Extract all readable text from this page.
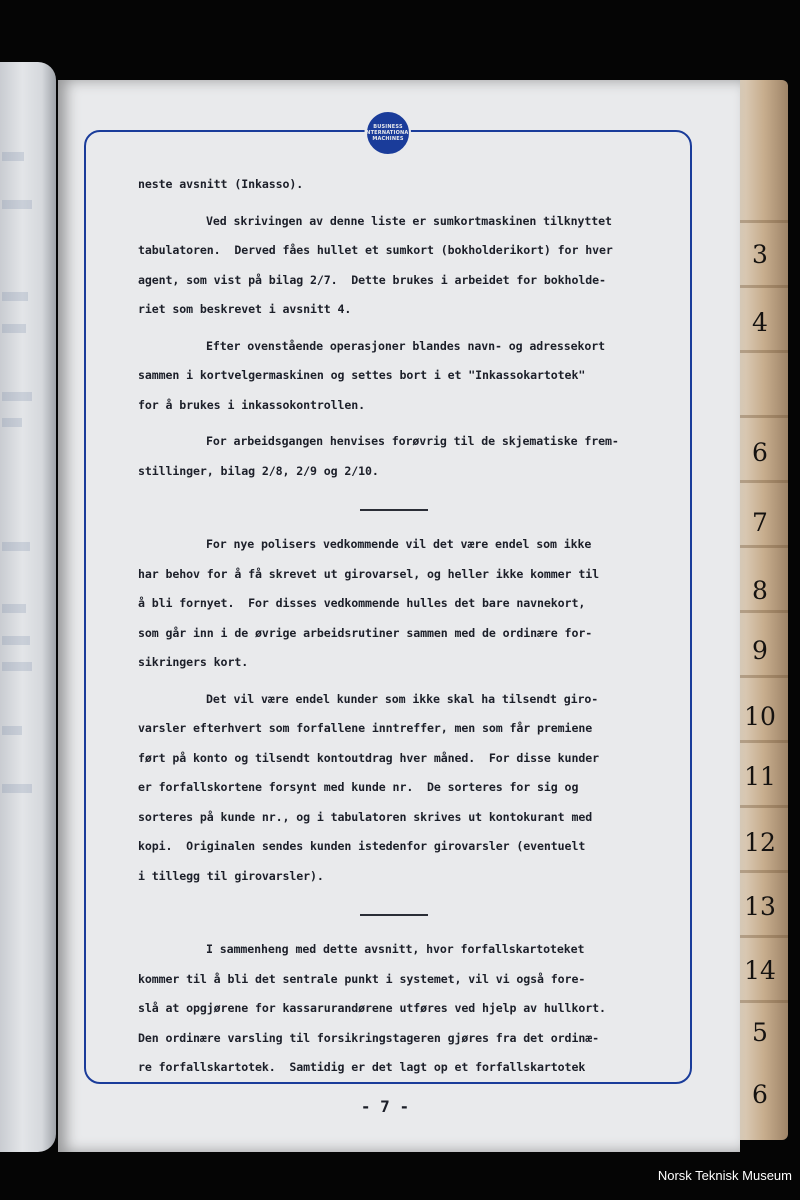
3
4
6
7
8
9
10
11
12
13
14
5
6
BUSINESS
INTERNATIONAL
MACHINES

neste avsnitt (Inkasso).

Ved skrivingen av denne liste er sumkortmaskinen tilknyttet
tabulatoren.  Derved fåes hullet et sumkort (bokholderikort) for hver
agent, som vist på bilag 2/7.  Dette brukes i arbeidet for bokholde-
riet som beskrevet i avsnitt 4.

Efter ovenstående operasjoner blandes navn- og adressekort
sammen i kortvelgermaskinen og settes bort i et "Inkassokartotek"
for å brukes i inkassokontrollen.

For arbeidsgangen henvises forøvrig til de skjematiske frem-
stillinger, bilag 2/8, 2/9 og 2/10.

For nye polisers vedkommende vil det være endel som ikke
har behov for å få skrevet ut girovarsel, og heller ikke kommer til
å bli fornyet.  For disses vedkommende hulles det bare navnekort,
som går inn i de øvrige arbeidsrutiner sammen med de ordinære for-
sikringers kort.

Det vil være endel kunder som ikke skal ha tilsendt giro-
varsler efterhvert som forfallene inntreffer, men som får premiene
ført på konto og tilsendt kontoutdrag hver måned.  For disse kunder
er forfallskortene forsynt med kunde nr.  De sorteres for sig og
sorteres på kunde nr., og i tabulatoren skrives ut kontokurant med
kopi.  Originalen sendes kunden istedenfor girovarsler (eventuelt
i tillegg til girovarsler).

I sammenheng med dette avsnitt, hvor forfallskartoteket
kommer til å bli det sentrale punkt i systemet, vil vi også fore-
slå at opgjørene for kassarurandørene utføres ved hjelp av hullkort.
Den ordinære varsling til forsikringstageren gjøres fra det ordinæ-
re forfallskartotek.  Samtidig er det lagt op et forfallskartotek

- 7 -
Norsk Teknisk Museum
